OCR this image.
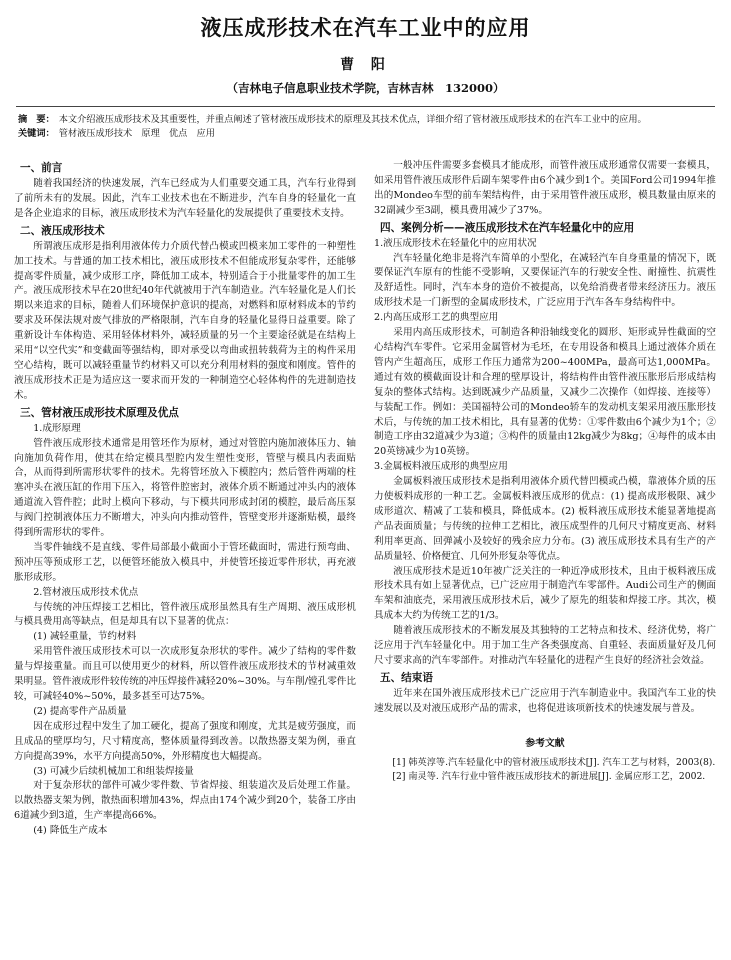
液压成形技术在汽车工业中的应用
曹 阳
（吉林电子信息职业技术学院，吉林吉林　132000）
摘　要： 本文介绍液压成形技术及其重要性，并重点阐述了管材液压成形技术的原理及其技术优点，详细介绍了管材液压成形技术的在汽车工业中的应用。
关键词： 管材液压成形技术　原理　优点　应用
一、前言

随着我国经济的快速发展，汽车已经成为人们重要交通工具，汽车行业得到了前所未有的发展。因此，汽车工业技术也在不断进步，汽车自身的轻量化一直是各企业追求的目标，液压成形技术为汽车轻量化的发展提供了重要技术支持。

二、液压成形技术

所谓液压成形是指利用液体传力介质代替凸模或凹模来加工零件的一种塑性加工技术。与普通的加工技术相比，液压成形技术不但能成形复杂零件，还能够提高零件质量，减少成形工序，降低加工成本，特别适合于小批量零件的加工生产。液压成形技术早在20世纪40年代就被用于汽车制造业。汽车轻量化是人们长期以来追求的目标，随着人们环境保护意识的提高，对燃料和原材料成本的节约要求及环保法规对废气排放的严格限制，汽车自身的轻量化显得日益重要。除了重新设计车体构造、采用轻体材料外，减轻质量的另一个主要途径就是在结构上采用“以空代实”和变截面等强结构，即对承受以弯曲或扭转载荷为主的构件采用空心结构，既可以减轻重量节约材料又可以充分利用材料的强度和刚度。管件的液压成形技术正是为适应这一要求而开发的一种制造空心轻体构件的先进制造技术。

三、管材液压成形技术原理及优点

1.成形原理

管件液压成形技术通常是用管坯作为原材，通过对管腔内施加液体压力、轴向施加负荷作用，使其在给定模具型腔内发生塑性变形，管壁与模具内表面贴合，从而得到所需形状零件的技术。先将管坯放入下模腔内；然后管件两端的柱塞冲头在液压缸的作用下压入，将管件腔密封，液体介质不断通过冲头内的液体通道流入管件腔；此时上模向下移动，与下模共同形成封闭的模腔，最后高压泵与阀门控制液体压力不断增大，冲头向内推动管件，管壁变形并逐渐贴模，最终得到所需形状的零件。

当零件轴线不是直线、零件局部最小截面小于管坯截面时，需进行预弯曲、预冲压等预成形工艺，以便管坯能放入模具中，并使管坯接近零件形状，再充液胀形成形。

2.管材液压成形技术优点

与传统的冲压焊接工艺相比，管件液压成形虽然具有生产周期、液压成形机与模具费用高等缺点，但是却具有以下显著的优点：

(1) 减轻重量，节约材料

采用管件液压成形技术可以一次成形复杂形状的零件。减少了结构的零件数量与焊接重量。而且可以使用更少的材料，所以管件液压成形技术的节材减重效果明显。管件液成形件较传统的冲压焊接件减轻20%~30%。与车削/镗孔零件比较，可减轻40%~50%，最多甚至可达75%。

(2) 提高零件产品质量

因在成形过程中发生了加工硬化，提高了强度和刚度，尤其是疲劳强度，而且成品的壁厚均匀，尺寸精度高，整体质量得到改善。以散热器支架为例，垂直方向提高39%，水平方向提高50%，外形精度也大幅提高。

(3) 可减少后续机械加工和组装焊接量

对于复杂形状的部件可减少零件数、节省焊接、组装道次及后处理工作量。以散热器支架为例，散热面积增加43%，焊点由174个减少到20个，装备工序由6道减少到3道，生产率提高66%。

(4) 降低生产成本

一般冲压件需要多套模具才能成形，而管件液压成形通常仅需要一套模具，如采用管件液压成形件后副车架零件由6个减少到1个。美国Ford公司1994年推出的Mondeo车型的前车架结构件，由于采用管件液压成形，模具数量由原来的32副减少至3副，模具费用减少了37%。

四、案例分析——液压成形技术在汽车轻量化中的应用

1.液压成形技术在轻量化中的应用状况

汽车轻量化绝非是将汽车简单的小型化，在减轻汽车自身重量的情况下，既要保证汽车原有的性能不受影响，又要保证汽车的行驶安全性、耐撞性、抗震性及舒适性。同时，汽车本身的造价不被提高，以免给消费者带来经济压力。液压成形技术是一门新型的金属成形技术，广泛应用于汽车各车身结构件中。

2.内高压成形工艺的典型应用

采用内高压成形技术，可制造各种沿轴线变化的圆形、矩形或异性截面的空心结构汽车零件。它采用金属管材为毛坯，在专用设备和模具上通过液体介质在管内产生超高压，成形工作压力通常为200~400MPa，最高可达1,000MPa。通过有效的模截面设计和合理的壁厚设计，将结构件由管件液压胀形后形成结构复杂的整体式结构。达到既减少产品质量，又减少二次操作（如焊接、连接等）与装配工作。例如：美国福特公司的Mondeo轿车的发动机支架采用液压胀形技术后，与传统的加工技术相比，具有显著的优势：①零件数由6个减少为1个；②制造工序由32道减少为3道；③构件的质量由12kg减少为8kg；④每件的成本由20英镑减少为10英镑。

3.金属板料液压成形的典型应用

金属板料液压成形技术是指利用液体介质代替凹模或凸模，靠液体介质的压力使板料成形的一种工艺。金属板料液压成形的优点：(1) 提高成形极限、减少成形道次、精减了工装和模具，降低成本。(2) 板料液压成形技术能显著地提高产品表面质量；与传统的拉伸工艺相比，液压成型件的几何尺寸精度更高、材料利用率更高、回弹减小及较好的残余应力分布。(3) 液压成形技术具有生产的产品质量轻、价格便宜、几何外形复杂等优点。

液压成形技术是近10年被广泛关注的一种近净成形技术，且由于板料液压成形技术具有如上显著优点，已广泛应用于制造汽车零部件。Audi公司生产的侧面车架和油底壳，采用液压成形技术后，减少了原先的组装和焊接工序。其次，模具成本大约为传统工艺的1/3。

随着液压成形技术的不断发展及其独特的工艺特点和技术、经济优势，将广泛应用于汽车轻量化中。用于加工生产各类强度高、自重轻、表面质量好及几何尺寸要求高的汽车零部件。对推动汽车轻量化的进程产生良好的经济社会效益。

五、结束语

近年来在国外液压成形技术已广泛应用于汽车制造业中。我国汽车工业的快速发展以及对液压成形产品的需求，也将促进该项新技术的快速发展与普及。

参考文献

[1] 韩英淳等.汽车轻量化中的管材液压成形技术[J]. 汽车工艺与材料，2003(8).

[2] 南灵等. 汽车行业中管件液压成形技术的新进展[J]. 金属应形工艺，2002.
